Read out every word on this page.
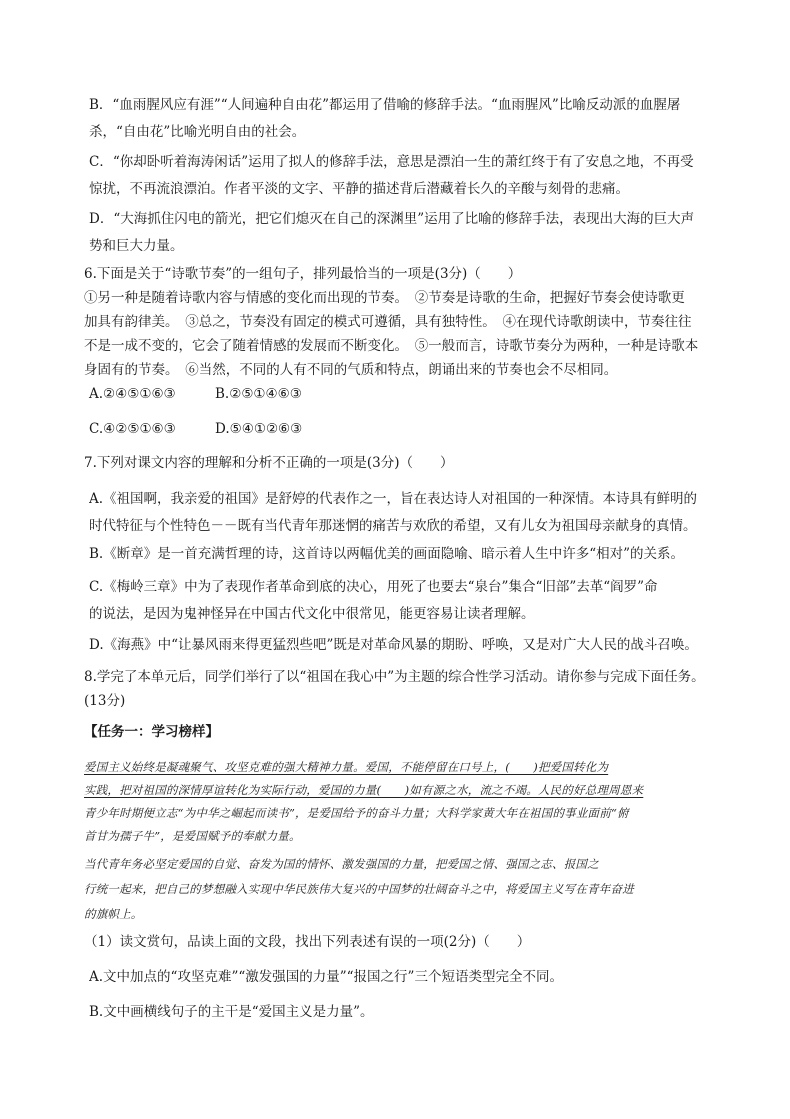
B．“血雨腥风应有涯”“人间遍种自由花”都运用了借喻的修辞手法。“血雨腥风”比喻反动派的血腥屠
杀，“自由花”比喻光明自由的社会。
C．“你却卧听着海涛闲话”运用了拟人的修辞手法，意思是漂泊一生的萧红终于有了安息之地，不再受
惊扰，不再流浪漂泊。作者平淡的文字、平静的描述背后潜藏着长久的辛酸与刻骨的悲痛。
D．“大海抓住闪电的箭光，把它们熄灭在自己的深渊里”运用了比喻的修辞手法，表现出大海的巨大声
势和巨大力量。
6.下面是关于“诗歌节奏”的一组句子，排列最恰当的一项是(3分)（　　）
①另一种是随着诗歌内容与情感的变化而出现的节奏。　②节奏是诗歌的生命，把握好节奏会使诗歌更
加具有韵律美。　③总之，节奏没有固定的模式可遵循，具有独特性。　④在现代诗歌朗读中，节奏往往
不是一成不变的，它会了随着情感的发展而不断变化。　⑤一般而言，诗歌节奏分为两种，一种是诗歌本
身固有的节奏。　⑥当然，不同的人有不同的气质和特点，朗诵出来的节奏也会不尽相同。
A.②④⑤①⑥③	B.②⑤①④⑥③
C.④②⑤①⑥③	D.⑤④①②⑥③
7.下列对课文内容的理解和分析不正确的一项是(3分)（　　）
A.《祖国啊，我亲爱的祖国》是舒婷的代表作之一，旨在表达诗人对祖国的一种深情。本诗具有鲜明的
时代特征与个性特色－－既有当代青年那迷惘的痛苦与欢欣的希望，又有儿女为祖国母亲献身的真情。
B.《断章》是一首充满哲理的诗，这首诗以两幅优美的画面隐喻、暗示着人生中许多“相对”的关系。
C.《梅岭三章》中为了表现作者革命到底的决心，用死了也要去“泉台”集合“旧部”去革“阎罗”命
的说法，是因为鬼神怪异在中国古代文化中很常见，能更容易让读者理解。
D.《海燕》中“让暴风雨来得更猛烈些吧”既是对革命风暴的期盼、呼唤，又是对广大人民的战斗召唤。
8.学完了本单元后，同学们举行了以“祖国在我心中”为主题的综合性学习活动。请你参与完成下面任务。
(13分)
【任务一：学习榜样】
爱国主义始终是凝魂聚气、攻坚克难的强大精神力量。爱国，不能停留在口号上，(　　)把爱国转化为
实践，把对祖国的深情厚谊转化为实际行动，爱国的力量(　　)如有源之水，流之不竭。人民的好总理周恩来
青少年时期便立志“为中华之崛起而读书”，是爱国给予的奋斗力量；大科学家黄大年在祖国的事业面前“俯
首甘为孺子牛”，是爱国赋予的奉献力量。
当代青年务必坚定爱国的自觉、奋发为国的情怀、激发强国的力量，把爱国之情、强国之志、报国之
行统一起来，把自己的梦想融入实现中华民族伟大复兴的中国梦的壮阔奋斗之中，将爱国主义写在青年奋进
的旗帜上。
（1）读文赏句，品读上面的文段，找出下列表述有误的一项(2分)（　　）
A.文中加点的“攻坚克难”“激发强国的力量”“报国之行”三个短语类型完全不同。
B.文中画横线句子的主干是“爱国主义是力量”。
